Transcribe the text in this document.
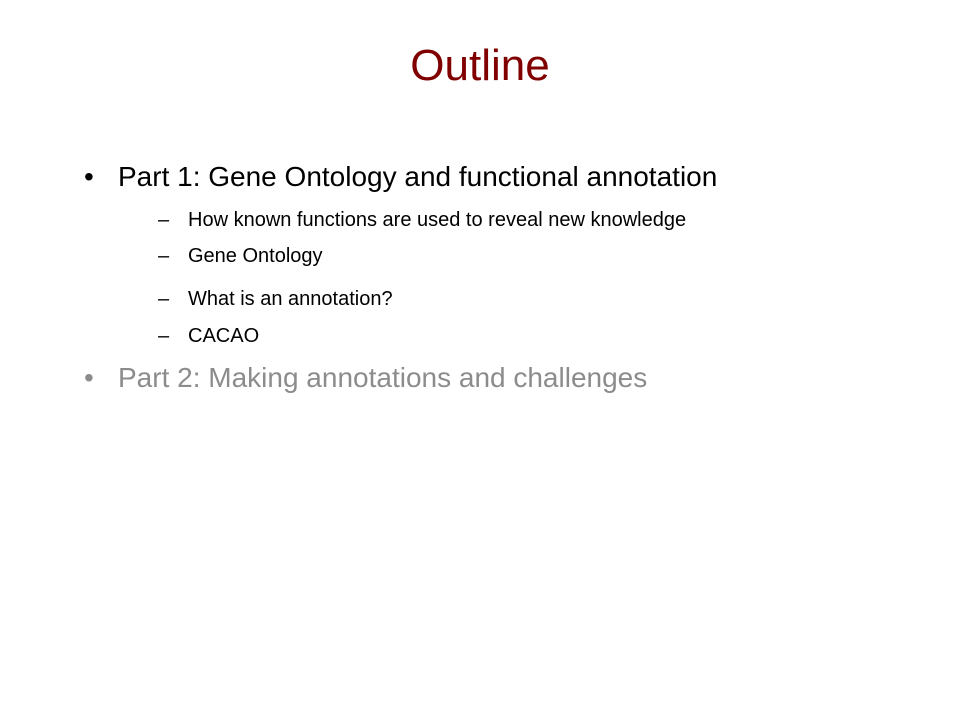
Outline
• Part 1: Gene Ontology and functional annotation
– How known functions are used to reveal new knowledge
– Gene Ontology
– What is an annotation?
– CACAO
• Part 2: Making annotations and challenges
